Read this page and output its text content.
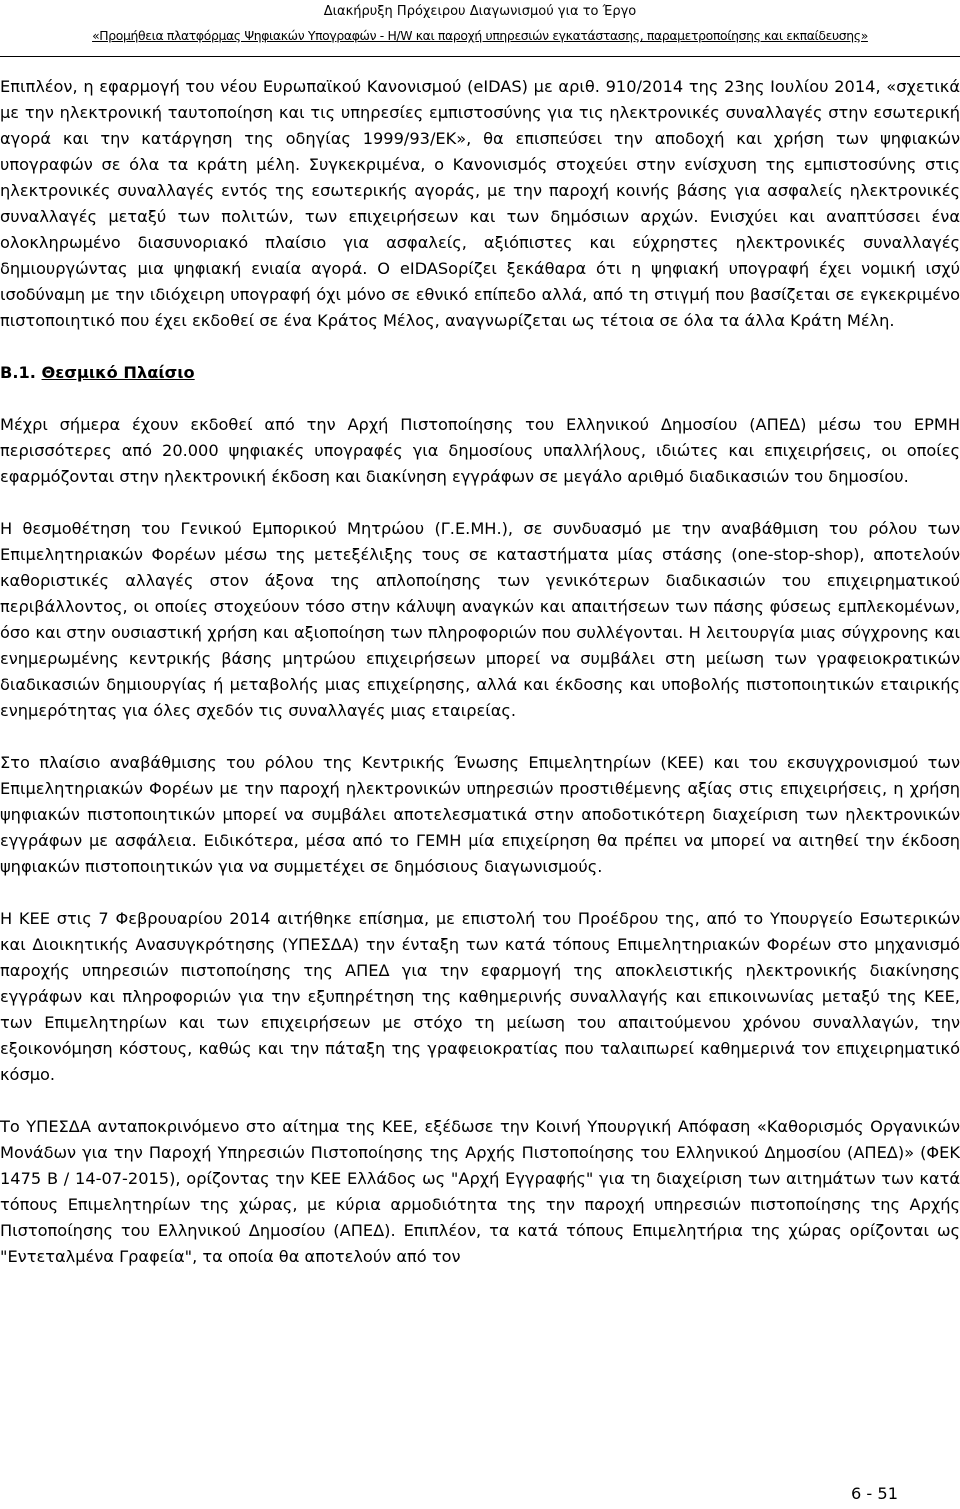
Διακήρυξη Πρόχειρου Διαγωνισμού για το Έργο
«Προμήθεια πλατφόρμας Ψηφιακών Υπογραφών - Η/W και παροχή υπηρεσιών εγκατάστασης, παραμετροποίησης και εκπαίδευσης»

Επιπλέον, η εφαρμογή του νέου Ευρωπαϊκού Κανονισμού (eIDAS) με αριθ. 910/2014 της 23ης Ιουλίου 2014, «σχετικά με την ηλεκτρονική ταυτοποίηση και τις υπηρεσίες εμπιστοσύνης για τις ηλεκτρονικές συναλλαγές στην εσωτερική αγορά και την κατάργηση της οδηγίας 1999/93/ΕΚ», θα επισπεύσει την αποδοχή και χρήση των ψηφιακών υπογραφών σε όλα τα κράτη μέλη. Συγκεκριμένα, ο Κανονισμός στοχεύει στην ενίσχυση της εμπιστοσύνης στις ηλεκτρονικές συναλλαγές εντός της εσωτερικής αγοράς, με την παροχή κοινής βάσης για ασφαλείς ηλεκτρονικές συναλλαγές μεταξύ των πολιτών, των επιχειρήσεων και των δημόσιων αρχών. Ενισχύει και αναπτύσσει ένα ολοκληρωμένο διασυνοριακό πλαίσιο για ασφαλείς, αξιόπιστες και εύχρηστες ηλεκτρονικές συναλλαγές δημιουργώντας μια ψηφιακή ενιαία αγορά. Ο eIDASορίζει ξεκάθαρα ότι η ψηφιακή υπογραφή έχει νομική ισχύ ισοδύναμη με την ιδιόχειρη υπογραφή όχι μόνο σε εθνικό επίπεδο αλλά, από τη στιγμή που βασίζεται σε εγκεκριμένο πιστοποιητικό που έχει εκδοθεί σε ένα Κράτος Μέλος, αναγνωρίζεται ως τέτοια σε όλα τα άλλα Κράτη Μέλη.

Β.1. Θεσμικό Πλαίσιο

Μέχρι σήμερα έχουν εκδοθεί από την Αρχή Πιστοποίησης του Ελληνικού Δημοσίου (ΑΠΕΔ) μέσω του ΕΡΜΗ περισσότερες από 20.000 ψηφιακές υπογραφές για δημοσίους υπαλλήλους, ιδιώτες και επιχειρήσεις, οι οποίες εφαρμόζονται στην ηλεκτρονική έκδοση και διακίνηση εγγράφων σε μεγάλο αριθμό διαδικασιών του δημοσίου.

Η θεσμοθέτηση του Γενικού Εμπορικού Μητρώου (Γ.Ε.ΜΗ.), σε συνδυασμό με την αναβάθμιση του ρόλου των Επιμελητηριακών Φορέων μέσω της μετεξέλιξης τους σε καταστήματα μίας στάσης (one-stop-shop), αποτελούν καθοριστικές αλλαγές στον άξονα της απλοποίησης των γενικότερων διαδικασιών του επιχειρηματικού περιβάλλοντος, οι οποίες στοχεύουν τόσο στην κάλυψη αναγκών και απαιτήσεων των πάσης φύσεως εμπλεκομένων, όσο και στην ουσιαστική χρήση και αξιοποίηση των πληροφοριών που συλλέγονται. Η λειτουργία μιας σύγχρονης και ενημερωμένης κεντρικής βάσης μητρώου επιχειρήσεων μπορεί να συμβάλει στη μείωση των γραφειοκρατικών διαδικασιών δημιουργίας ή μεταβολής μιας επιχείρησης, αλλά και έκδοσης και υποβολής πιστοποιητικών εταιρικής ενημερότητας για όλες σχεδόν τις συναλλαγές μιας εταιρείας.

Στο πλαίσιο αναβάθμισης του ρόλου της Κεντρικής Ένωσης Επιμελητηρίων (ΚΕΕ) και του εκσυγχρονισμού των Επιμελητηριακών Φορέων με την παροχή ηλεκτρονικών υπηρεσιών προστιθέμενης αξίας στις επιχειρήσεις, η χρήση ψηφιακών πιστοποιητικών μπορεί να συμβάλει αποτελεσματικά στην αποδοτικότερη διαχείριση των ηλεκτρονικών εγγράφων με ασφάλεια. Ειδικότερα, μέσα από το ΓΕΜΗ μία επιχείρηση θα πρέπει να μπορεί να αιτηθεί την έκδοση ψηφιακών πιστοποιητικών για να συμμετέχει σε δημόσιους διαγωνισμούς.

Η ΚΕΕ στις 7 Φεβρουαρίου 2014 αιτήθηκε επίσημα, με επιστολή του Προέδρου της, από το Υπουργείο Εσωτερικών και Διοικητικής Ανασυγκρότησης (ΥΠΕΣΔΑ) την ένταξη των κατά τόπους Επιμελητηριακών Φορέων στο μηχανισμό παροχής υπηρεσιών πιστοποίησης της ΑΠΕΔ για την εφαρμογή της αποκλειστικής ηλεκτρονικής διακίνησης εγγράφων και πληροφοριών για την εξυπηρέτηση της καθημερινής συναλλαγής και επικοινωνίας μεταξύ της ΚΕΕ, των Επιμελητηρίων και των επιχειρήσεων με στόχο τη μείωση του απαιτούμενου χρόνου συναλλαγών, την εξοικονόμηση κόστους, καθώς και την πάταξη της γραφειοκρατίας που ταλαιπωρεί καθημερινά τον επιχειρηματικό κόσμο.

Το ΥΠΕΣΔΑ ανταποκρινόμενο στο αίτημα της ΚΕΕ, εξέδωσε την Κοινή Υπουργική Απόφαση «Καθορισμός Οργανικών Μονάδων για την Παροχή Υπηρεσιών Πιστοποίησης της Αρχής Πιστοποίησης του Ελληνικού Δημοσίου (ΑΠΕΔ)» (ΦΕΚ 1475 Β / 14-07-2015), ορίζοντας την ΚΕΕ Ελλάδος ως "Αρχή Εγγραφής" για τη διαχείριση των αιτημάτων των κατά τόπους Επιμελητηρίων της χώρας, με κύρια αρμοδιότητα της την παροχή υπηρεσιών πιστοποίησης της Αρχής Πιστοποίησης του Ελληνικού Δημοσίου (ΑΠΕΔ). Επιπλέον, τα κατά τόπους Επιμελητήρια της χώρας ορίζονται ως "Εντεταλμένα Γραφεία", τα οποία θα αποτελούν από τον

6 - 51
